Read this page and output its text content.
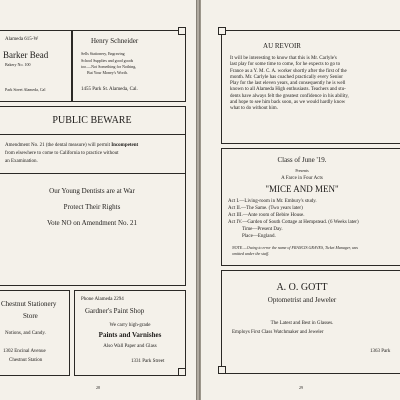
Alameda 615-W
Barker Bead
Bakery No. 100
Park Street Alameda, Cal
Henry Schneider
Sells Stationery, Engraving
School Supplies and good goods
too.—Not Something for Nothing,
But Your Money's Worth.
1455 Park St. Alameda, Cal.
PUBLIC BEWARE
Amendment No. 21 (the dental measure) will permit Incompetent
from elsewhere to come to California to practice without
an Examination.
Our Young Dentists are at War
Protect Their Rights
Vote NO on Amendment No. 21
Chestnut Stationery
Store
Notions, and Candy.
1302 Encinal Avenue
Chestnut Station
Phone Alameda 2294
Gardner's Paint Shop
We carry high-grade
Paints and Varnishes
Also Wall Paper and Glass
1331 Park Street
28
AU REVOIR
It will be interesting to know that this is Mr. Carlyle's
last play for some time to come, for he expects to go to
France as a Y. M. C. A. worker shortly after the first of the
month. Mr. Carlyle has coached practically every Senior
Play for the last eleven years, and consequently he is well
known to all Alameda High enthusiasts. Teachers and stu-
dents have always felt the greatest confidence in his ability,
and hope to see him back soon, as we would hardly know
what to do without him.
Class of June '19.
Presents
A Farce in Four Acts
"MICE AND MEN"
Act I.—Living-room in Mr. Embury's study.
Act II.—The Same. (Two years later)
Act III.—Ante room of Bebire House.
Act IV.—Garden of South Cottage at Hempstead. (6 Weeks later)
Time—Present Day.
Place—England.
NOTE.—Owing to error the name of FRANCIS GRAVES, Ticket Manager, was
omitted under the staff.
A. O. GOTT
Optometrist and Jeweler
The Latest and Best in Glasses.
Employs First Class Watchmaker and Jeweler
1363 Park
29
